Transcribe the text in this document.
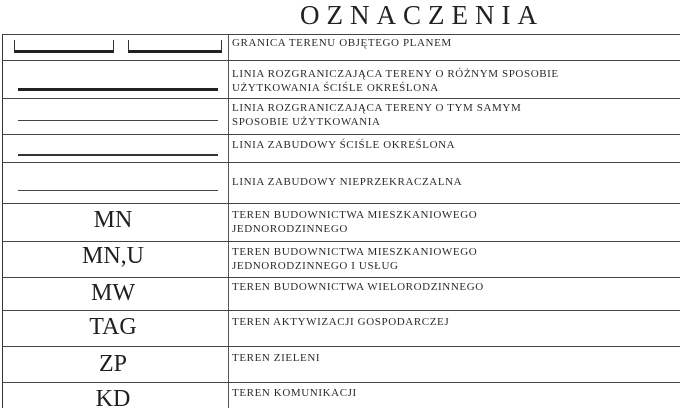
OZNACZENIA
GRANICA TERENU OBJĘTEGO PLANEM
LINIA ROZGRANICZAJĄCA TERENY O RÓŻNYM SPOSOBIE
UŻYTKOWANIA ŚCIŚLE OKREŚLONA
LINIA ROZGRANICZAJĄCA TERENY O TYM SAMYM
SPOSOBIE UŻYTKOWANIA
LINIA ZABUDOWY ŚCIŚLE OKREŚLONA
LINIA ZABUDOWY NIEPRZEKRACZALNA
MN	TEREN BUDOWNICTWA MIESZKANIOWEGO
JEDNORODZINNEGO
MN,U	TEREN BUDOWNICTWA MIESZKANIOWEGO
JEDNORODZINNEGO I USŁUG
MW	TEREN BUDOWNICTWA WIELORODZINNEGO
TAG	TEREN AKTYWIZACJI GOSPODARCZEJ
ZP	TEREN ZIELENI
KD	TEREN KOMUNIKACJI
